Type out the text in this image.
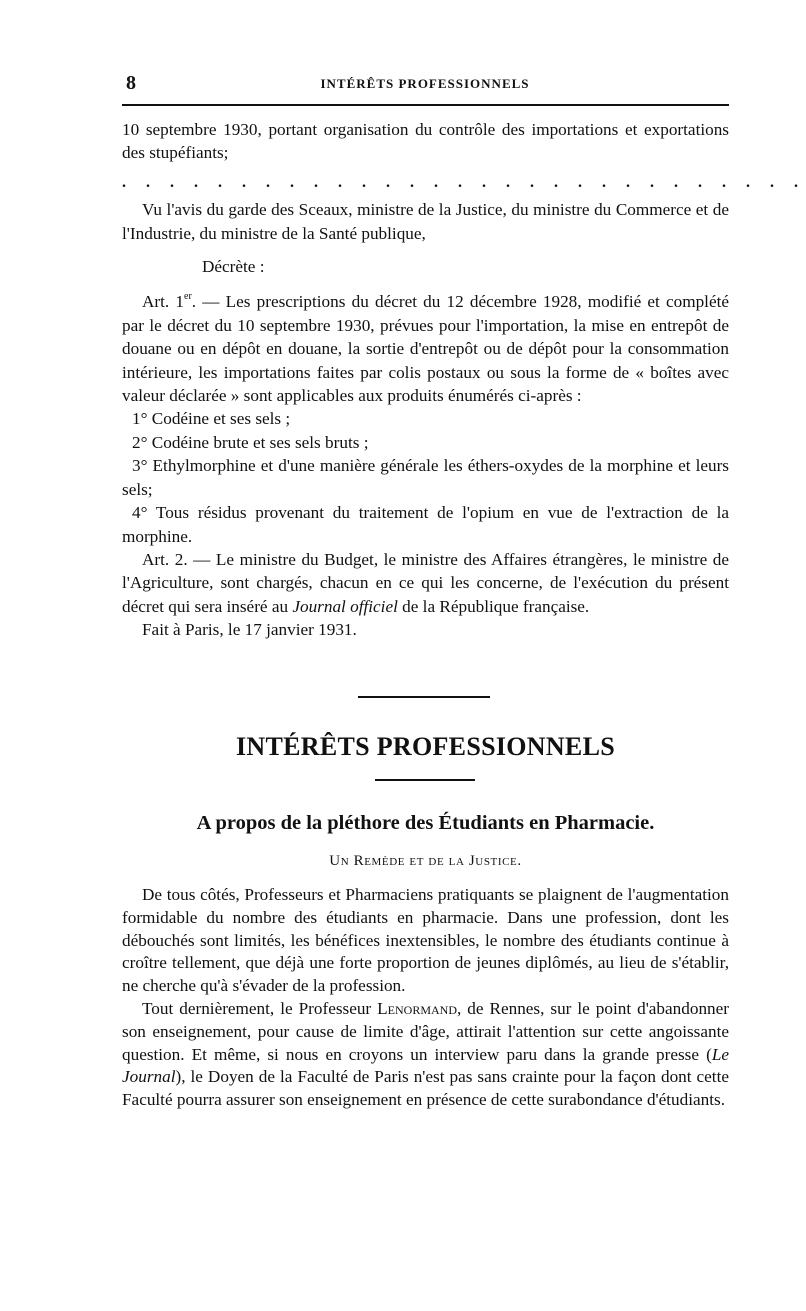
8	INTÉRÊTS PROFESSIONNELS

10 septembre 1930, portant organisation du contrôle des importations et exportations des stupéfiants;

. . . . . . . . . . . . . . . . . . . . . . . . . . . . .

Vu l'avis du garde des Sceaux, ministre de la Justice, du ministre du Commerce et de l'Industrie, du ministre de la Santé publique,

Décrète :

Art. 1er. — Les prescriptions du décret du 12 décembre 1928, modifié et complété par le décret du 10 septembre 1930, prévues pour l'importation, la mise en entrepôt de douane ou en dépôt en douane, la sortie d'entrepôt ou de dépôt pour la consommation intérieure, les importations faites par colis postaux ou sous la forme de « boîtes avec valeur déclarée » sont applicables aux produits énumérés ci-après :

1° Codéine et ses sels ;

2° Codéine brute et ses sels bruts ;

3° Ethylmorphine et d'une manière générale les éthers-oxydes de la morphine et leurs sels;

4° Tous résidus provenant du traitement de l'opium en vue de l'extraction de la morphine.

Art. 2. — Le ministre du Budget, le ministre des Affaires étrangères, le ministre de l'Agriculture, sont chargés, chacun en ce qui les concerne, de l'exécution du présent décret qui sera inséré au Journal officiel de la République française.

Fait à Paris, le 17 janvier 1931.

INTÉRÊTS PROFESSIONNELS
A propos de la pléthore des Étudiants en Pharmacie.
Un Remède et de la Justice.

De tous côtés, Professeurs et Pharmaciens pratiquants se plaignent de l'augmentation formidable du nombre des étudiants en pharmacie. Dans une profession, dont les débouchés sont limités, les bénéfices inextensibles, le nombre des étudiants continue à croître tellement, que déjà une forte proportion de jeunes diplômés, au lieu de s'établir, ne cherche qu'à s'évader de la profession.

Tout dernièrement, le Professeur Lenormand, de Rennes, sur le point d'abandonner son enseignement, pour cause de limite d'âge, attirait l'attention sur cette angoissante question. Et même, si nous en croyons un interview paru dans la grande presse (Le Journal), le Doyen de la Faculté de Paris n'est pas sans crainte pour la façon dont cette Faculté pourra assurer son enseignement en présence de cette surabondance d'étudiants.
